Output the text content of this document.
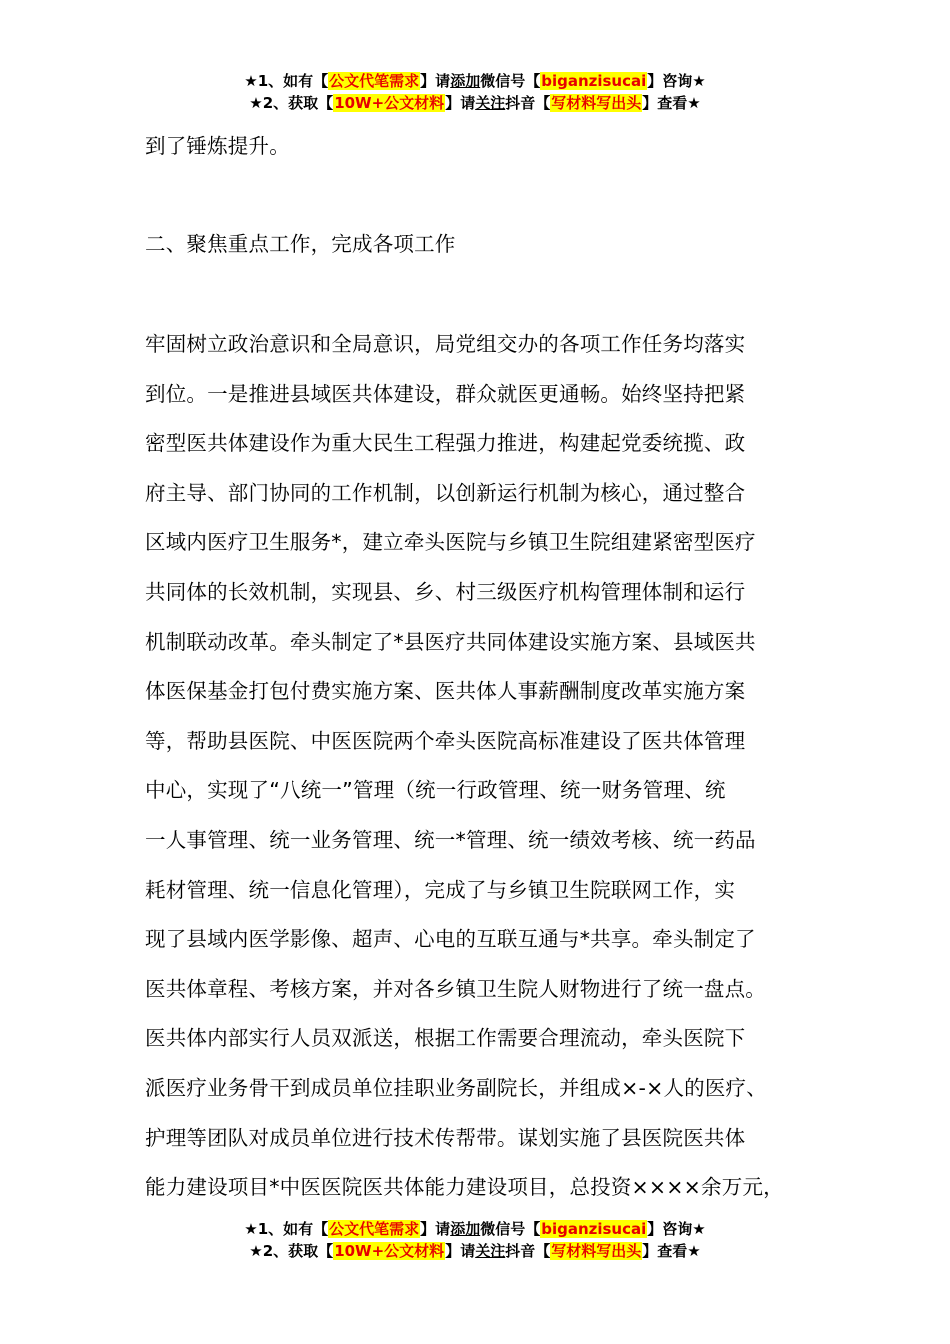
★1、如有【公文代笔需求】请添加微信号【biganzisucai】咨询★
★2、获取【10W+公文材料】请关注抖音【写材料写出头】查看★
到了锤炼提升。
二、聚焦重点工作，完成各项工作
牢固树立政治意识和全局意识，局党组交办的各项工作任务均落实
到位。一是推进县域医共体建设，群众就医更通畅。始终坚持把紧
密型医共体建设作为重大民生工程强力推进，构建起党委统揽、政
府主导、部门协同的工作机制，以创新运行机制为核心，通过整合
区域内医疗卫生服务*，建立牵头医院与乡镇卫生院组建紧密型医疗
共同体的长效机制，实现县、乡、村三级医疗机构管理体制和运行
机制联动改革。牵头制定了*县医疗共同体建设实施方案、县域医共
体医保基金打包付费实施方案、医共体人事薪酬制度改革实施方案
等，帮助县医院、中医医院两个牵头医院高标准建设了医共体管理
中心，实现了“八统一”管理（统一行政管理、统一财务管理、统
一人事管理、统一业务管理、统一*管理、统一绩效考核、统一药品
耗材管理、统一信息化管理），完成了与乡镇卫生院联网工作，实
现了县域内医学影像、超声、心电的互联互通与*共享。牵头制定了
医共体章程、考核方案，并对各乡镇卫生院人财物进行了统一盘点。
医共体内部实行人员双派送，根据工作需要合理流动，牵头医院下
派医疗业务骨干到成员单位挂职业务副院长，并组成×-×人的医疗、
护理等团队对成员单位进行技术传帮带。谋划实施了县医院医共体
能力建设项目*中医医院医共体能力建设项目，总投资××××余万元，
★1、如有【公文代笔需求】请添加微信号【biganzisucai】咨询★
★2、获取【10W+公文材料】请关注抖音【写材料写出头】查看★
